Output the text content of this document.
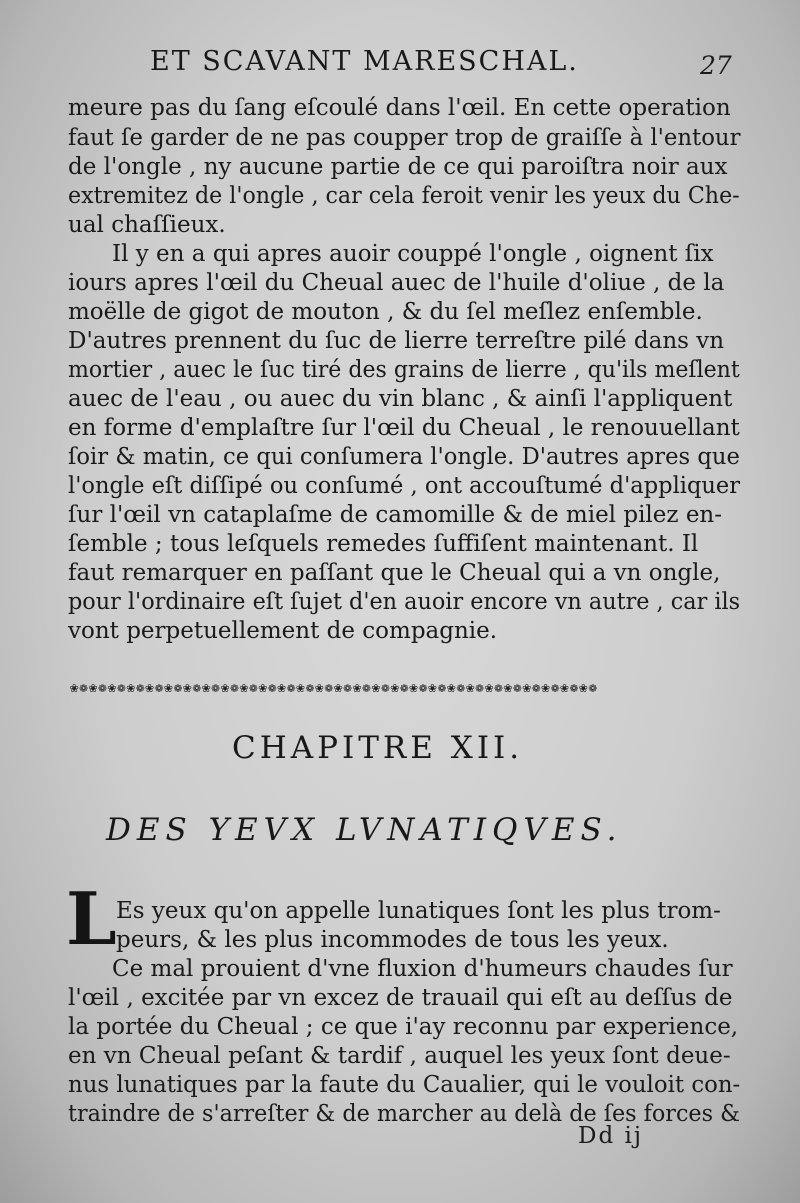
ET SCAVANT MARESCHAL.	27
meure pas du ſang eſcoulé dans l'œil. En cette operation
faut ſe garder de ne pas coupper trop de graiſſe à l'entour
de l'ongle , ny aucune partie de ce qui paroiſtra noir aux
extremitez de l'ongle , car cela feroit venir les yeux du Che-
ual chaſſieux.
Il y en a qui apres auoir couppé l'ongle , oignent ſix
iours apres l'œil du Cheual auec de l'huile d'oliue , de la
moëlle de gigot de mouton , & du ſel meſlez enſemble.
D'autres prennent du ſuc de lierre terreſtre pilé dans vn
mortier , auec le ſuc tiré des grains de lierre , qu'ils meſlent
auec de l'eau , ou auec du vin blanc , & ainſi l'appliquent
en forme d'emplaſtre ſur l'œil du Cheual , le renouuellant
ſoir & matin, ce qui conſumera l'ongle. D'autres apres que
l'ongle eſt diſſipé ou conſumé , ont accouſtumé d'appliquer
ſur l'œil vn cataplaſme de camomille & de miel pilez en-
ſemble ; tous leſquels remedes ſuffiſent maintenant. Il
faut remarquer en paſſant que le Cheual qui a vn ongle,
pour l'ordinaire eſt ſujet d'en auoir encore vn autre , car ils
vont perpetuellement de compagnie.
❀❁❀❁❀❁❀❁❀❁❀❁❀❁❀❁❀❁❀❁❀❁❀❁❀❁❀❁❀❁❀❁❀❁❀❁❀❁❀❁❀❁❀❁❀❁❀❁❀❁❀❁❀❁❀❁
CHAPITRE XII.
DES YEVX LVNATIQVES.
L Es yeux qu'on appelle lunatiques ſont les plus trom-
peurs, & les plus incommodes de tous les yeux.
Ce mal prouient d'vne fluxion d'humeurs chaudes ſur
l'œil , excitée par vn excez de trauail qui eſt au deſſus de
la portée du Cheual ; ce que i'ay reconnu par experience,
en vn Cheual peſant & tardif , auquel les yeux ſont deue-
nus lunatiques par la faute du Caualier, qui le vouloit con-
traindre de s'arreſter & de marcher au delà de ſes forces &
Dd ij
